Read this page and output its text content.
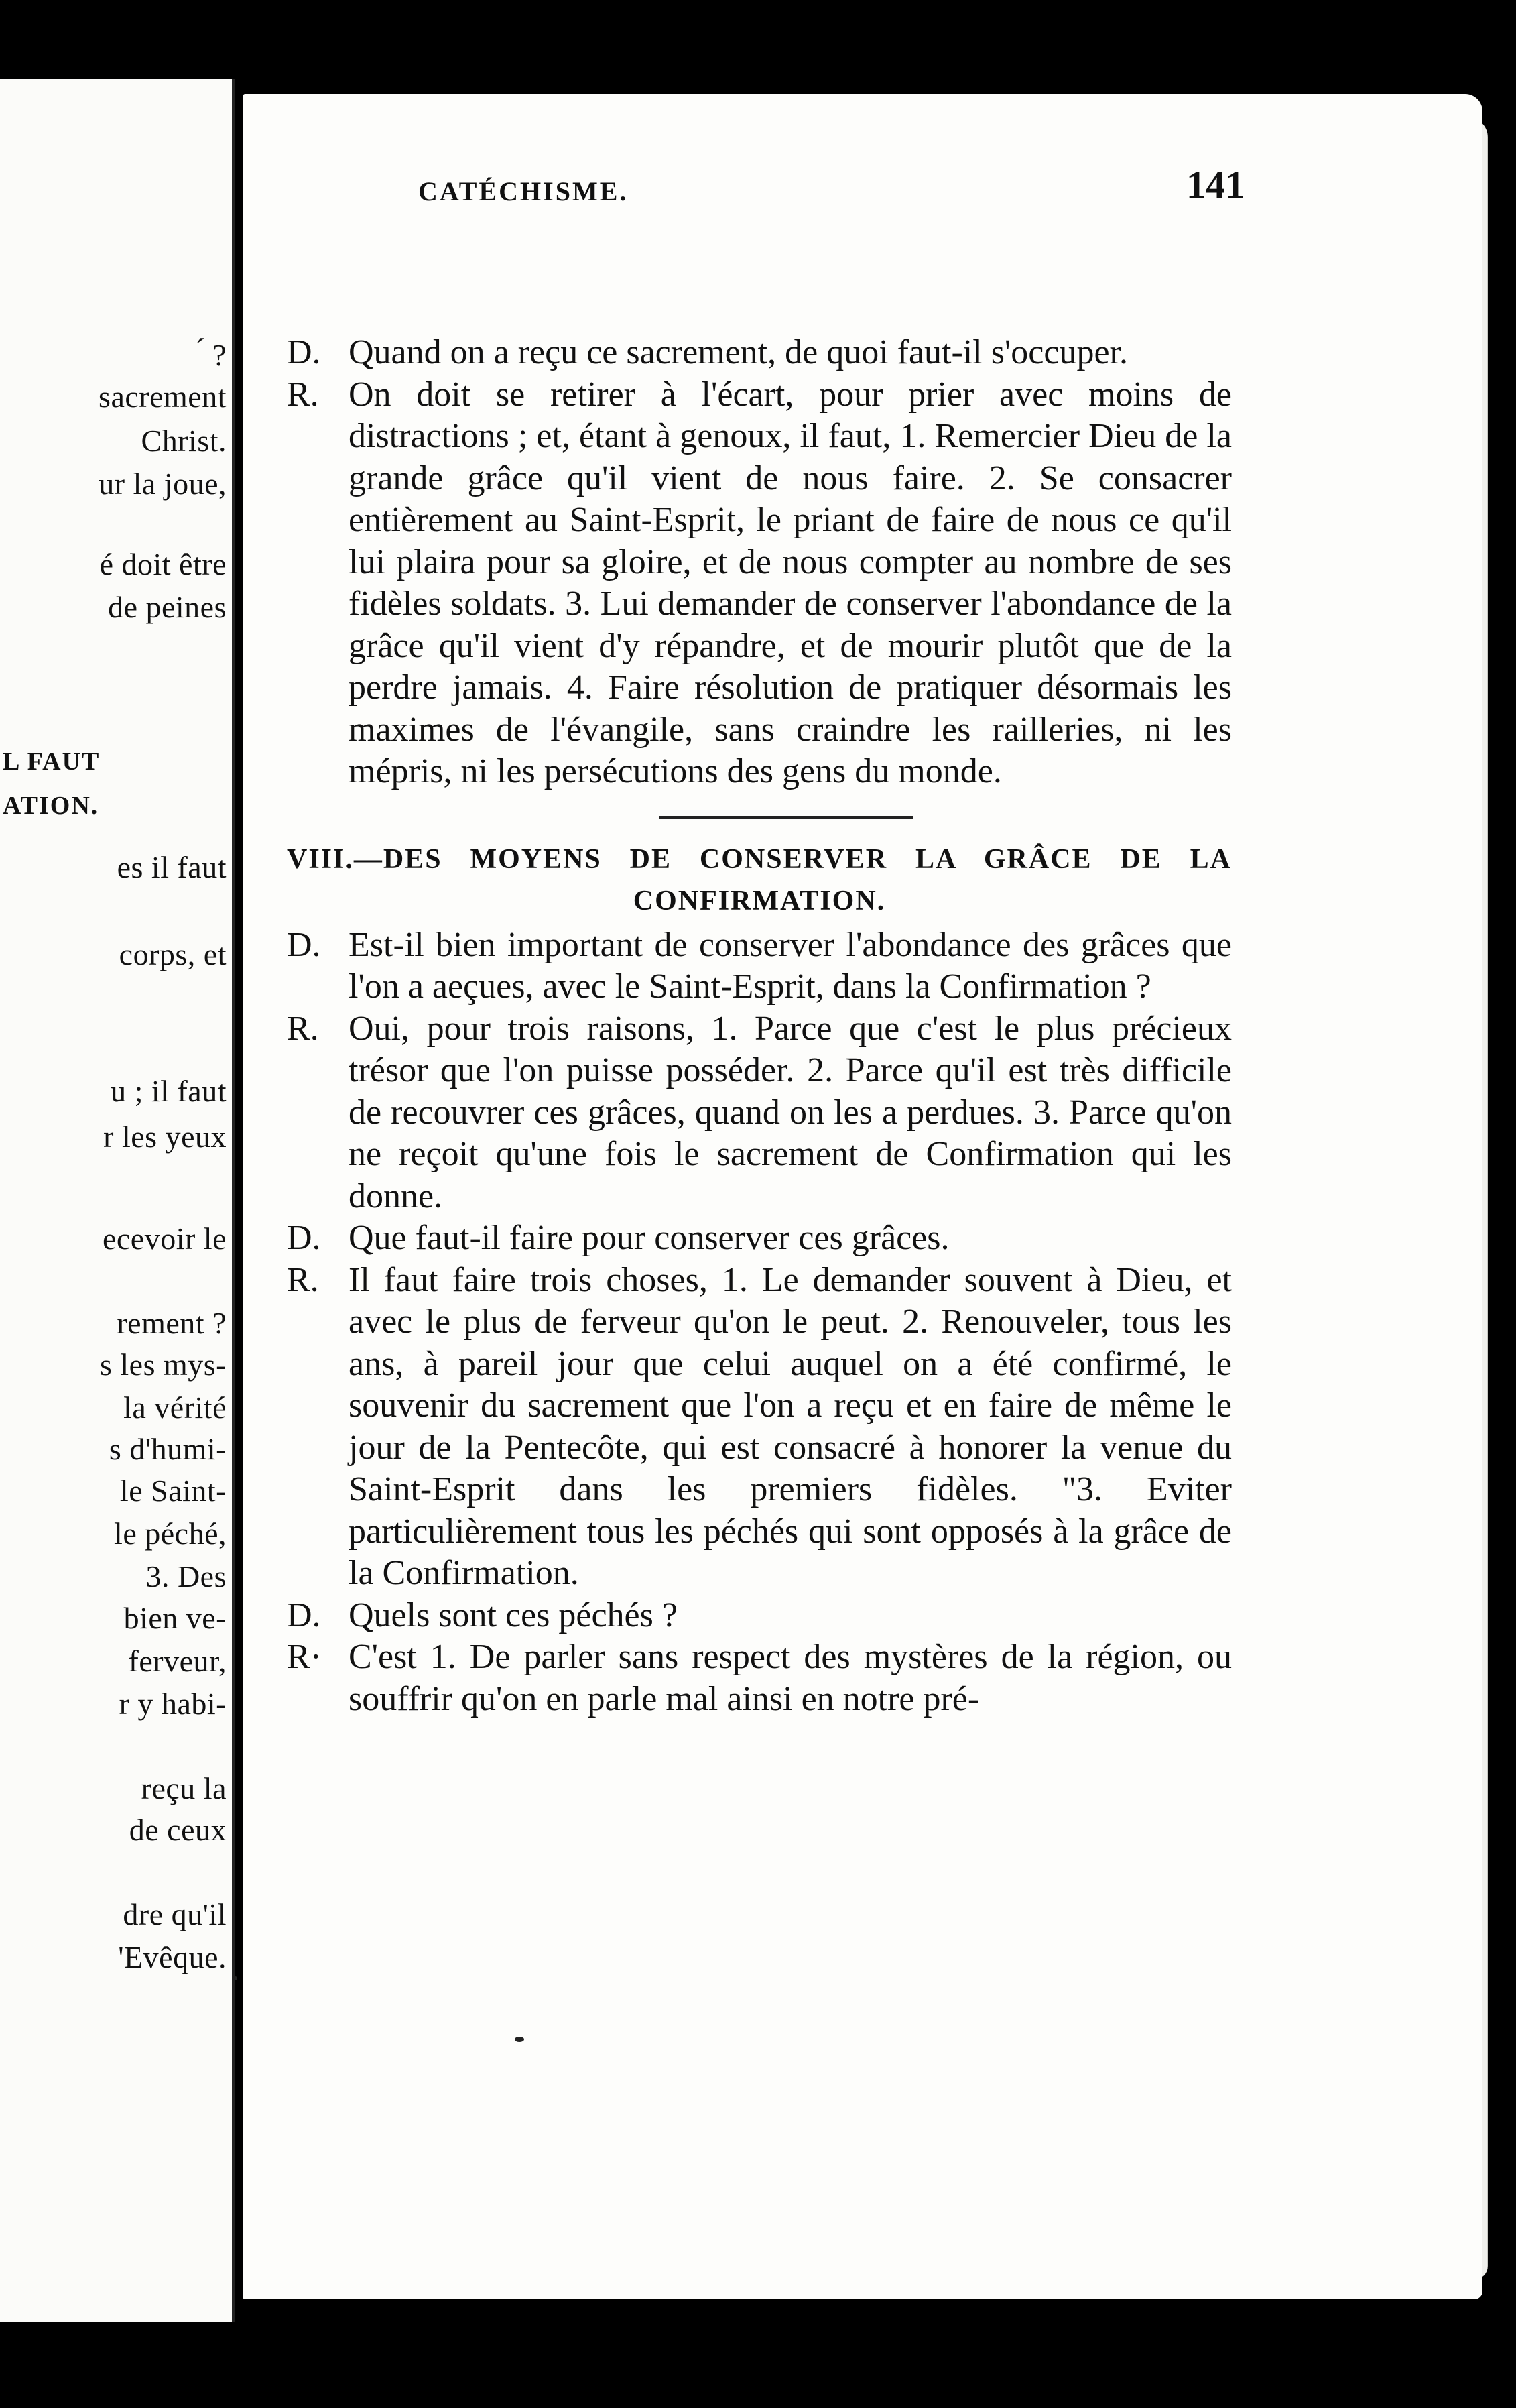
́ ?
sacrement
Christ.
ur la joue,
é doit être
de peines
L FAUT
ATION.
es il faut
corps, et
u ; il faut
r les yeux
ecevoir le
rement ?
s les mys-
la vérité
s d'humi-
le Saint-
le péché,
3. Des
bien ve-
ferveur,
r y habi-
reçu la
de ceux
dre qu'il
'Evêque.
CATÉCHISME.	141
D. Quand on a reçu ce sacrement, de quoi faut-il s'occuper.

R. On doit se retirer à l'écart, pour prier avec moins de distractions ; et, étant à genoux, il faut, 1. Remercier Dieu de la grande grâce qu'il vient de nous faire. 2. Se consacrer entièrement au Saint-Esprit, le priant de faire de nous ce qu'il lui plaira pour sa gloire, et de nous compter au nombre de ses fidèles soldats. 3. Lui demander de conserver l'abondance de la grâce qu'il vient d'y répandre, et de mourir plutôt que de la perdre jamais. 4. Faire résolution de pratiquer désormais les maximes de l'évangile, sans craindre les railleries, ni les mépris, ni les persécutions des gens du monde.

VIII.—DES MOYENS DE CONSERVER LA GRÂCE DE LA
CONFIRMATION.
D. Est-il bien important de conserver l'abondance des grâces que l'on a aeçues, avec le Saint-Esprit, dans la Confirmation ?

R. Oui, pour trois raisons, 1. Parce que c'est le plus précieux trésor que l'on puisse posséder. 2. Parce qu'il est très difficile de recouvrer ces grâces, quand on les a perdues. 3. Parce qu'on ne reçoit qu'une fois le sacrement de Confirmation qui les donne.

D. Que faut-il faire pour conserver ces grâces.

R. Il faut faire trois choses, 1. Le demander souvent à Dieu, et avec le plus de ferveur qu'on le peut. 2. Renouveler, tous les ans, à pareil jour que celui auquel on a été confirmé, le souvenir du sacrement que l'on a reçu et en faire de même le jour de la Pentecôte, qui est consacré à honorer la venue du Saint-Esprit dans les premiers fidèles. "3. Eviter particulièrement tous les péchés qui sont opposés à la grâce de la Confirmation.

D. Quels sont ces péchés ?

R· C'est 1. De parler sans respect des mystères de la région, ou souffrir qu'on en parle mal ainsi en notre pré-
